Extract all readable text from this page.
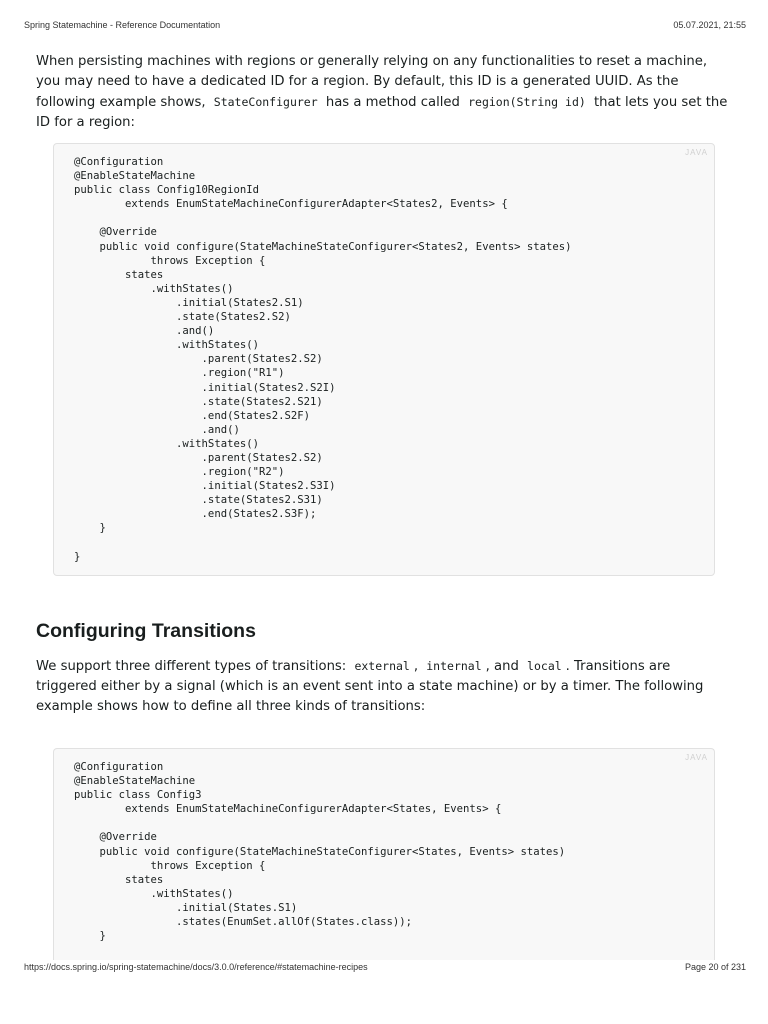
Spring Statemachine - Reference Documentation	05.07.2021, 21:55

When persisting machines with regions or generally relying on any functionalities to reset a machine, you may need to have a dedicated ID for a region. By default, this ID is a generated UUID. As the following example shows, StateConfigurer has a method called region(String id) that lets you set the ID for a region:

JAVA
@Configuration
@EnableStateMachine
public class Config10RegionId
extends EnumStateMachineConfigurerAdapter<States2, Events> {

@Override
public void configure(StateMachineStateConfigurer<States2, Events> states)
throws Exception {
states
.withStates()
.initial(States2.S1)
.state(States2.S2)
.and()
.withStates()
.parent(States2.S2)
.region("R1")
.initial(States2.S2I)
.state(States2.S21)
.end(States2.S2F)
.and()
.withStates()
.parent(States2.S2)
.region("R2")
.initial(States2.S3I)
.state(States2.S31)
.end(States2.S3F);
}

}
Configuring Transitions

We support three different types of transitions: external , internal , and local . Transitions are triggered either by a signal (which is an event sent into a state machine) or by a timer. The following example shows how to define all three kinds of transitions:

JAVA
@Configuration
@EnableStateMachine
public class Config3
extends EnumStateMachineConfigurerAdapter<States, Events> {

@Override
public void configure(StateMachineStateConfigurer<States, Events> states)
throws Exception {
states
.withStates()
.initial(States.S1)
.states(EnumSet.allOf(States.class));
}
https://docs.spring.io/spring-statemachine/docs/3.0.0/reference/#statemachine-recipes	Page 20 of 231
